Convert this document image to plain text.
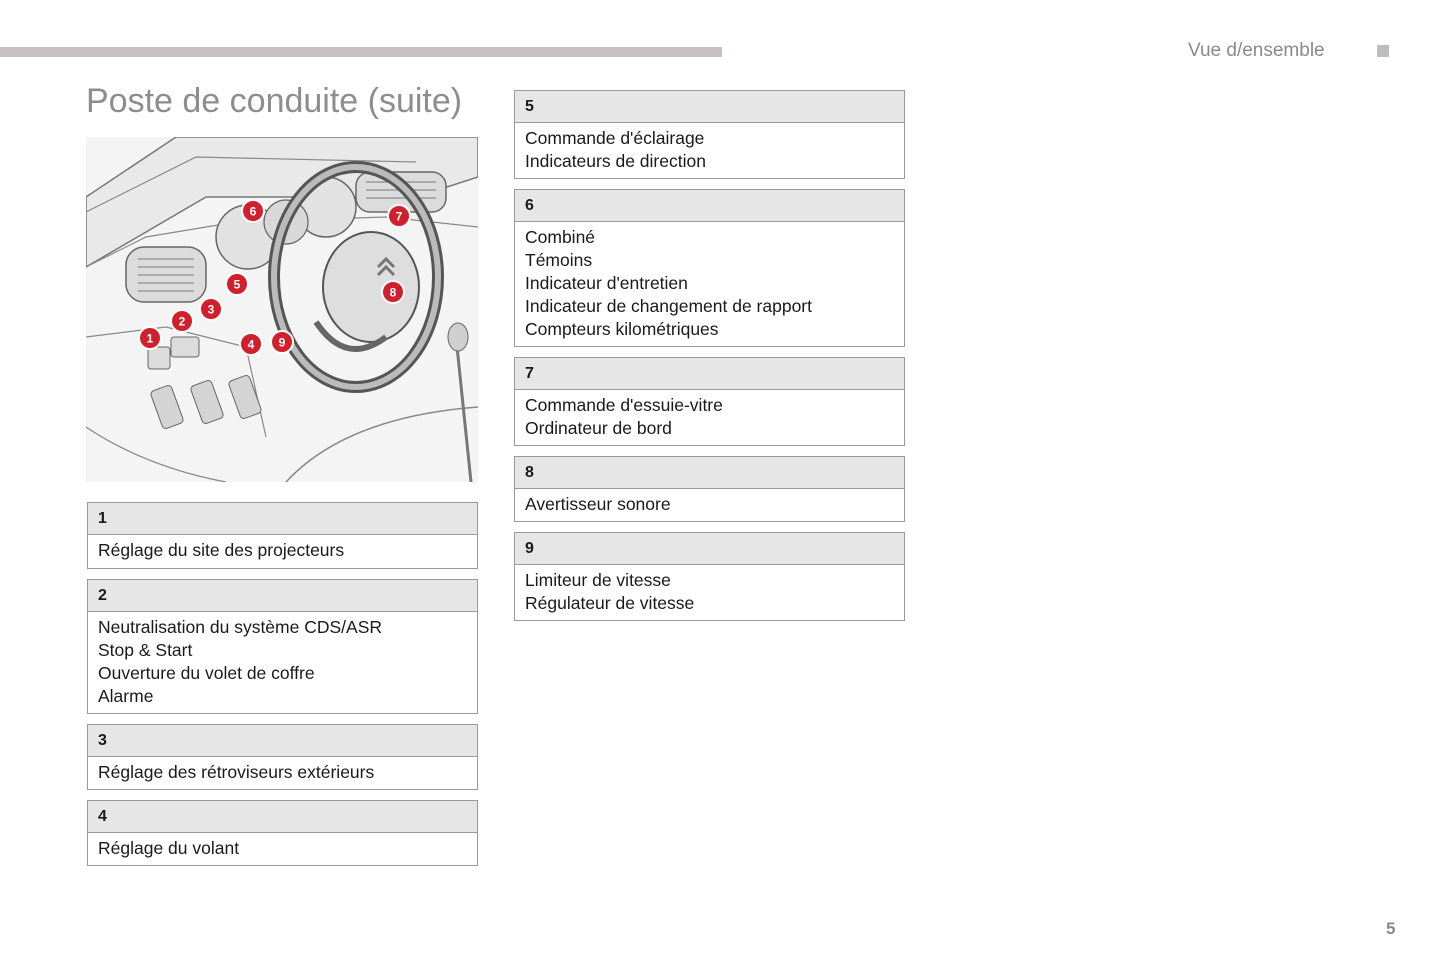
Vue d/ensemble
Poste de conduite (suite)
1
2
3
4
5
6	7
8
9
1
Réglage du site des projecteurs
2
Neutralisation du système CDS/ASR
Stop & Start
Ouverture du volet de coffre
Alarme
3
Réglage des rétroviseurs extérieurs
4
Réglage du volant
5
Commande d'éclairage
Indicateurs de direction
6
Combiné
Témoins
Indicateur d'entretien
Indicateur de changement de rapport
Compteurs kilométriques
7
Commande d'essuie-vitre
Ordinateur de bord
8
Avertisseur sonore
9
Limiteur de vitesse
Régulateur de vitesse
5
